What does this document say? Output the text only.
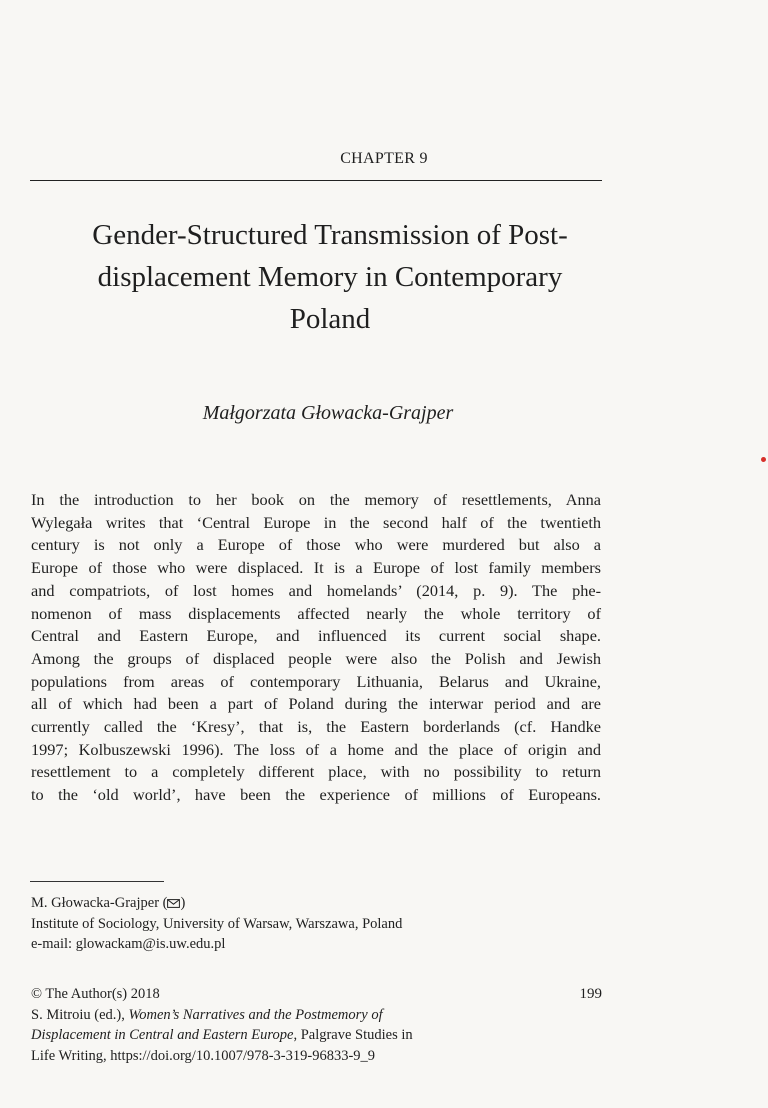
CHAPTER 9
Gender-Structured Transmission of Post-
displacement Memory in Contemporary
Poland
Małgorzata Głowacka-Grajper
In the introduction to her book on the memory of resettlements, Anna
Wylegała writes that ‘Central Europe in the second half of the twentieth
century is not only a Europe of those who were murdered but also a
Europe of those who were displaced. It is a Europe of lost family members
and compatriots, of lost homes and homelands’ (2014, p. 9). The phe-
nomenon of mass displacements affected nearly the whole territory of
Central and Eastern Europe, and influenced its current social shape.
Among the groups of displaced people were also the Polish and Jewish
populations from areas of contemporary Lithuania, Belarus and Ukraine,
all of which had been a part of Poland during the interwar period and are
currently called the ‘Kresy’, that is, the Eastern borderlands (cf. Handke
1997; Kolbuszewski 1996). The loss of a home and the place of origin and
resettlement to a completely different place, with no possibility to return
to the ‘old world’, have been the experience of millions of Europeans.
M. Głowacka-Grajper ( )
Institute of Sociology, University of Warsaw, Warszawa, Poland
e-mail: glowackam@is.uw.edu.pl
© The Author(s) 2018
S. Mitroiu (ed.), Women’s Narratives and the Postmemory of
Displacement in Central and Eastern Europe, Palgrave Studies in
Life Writing, https://doi.org/10.1007/978-3-319-96833-9_9
199
